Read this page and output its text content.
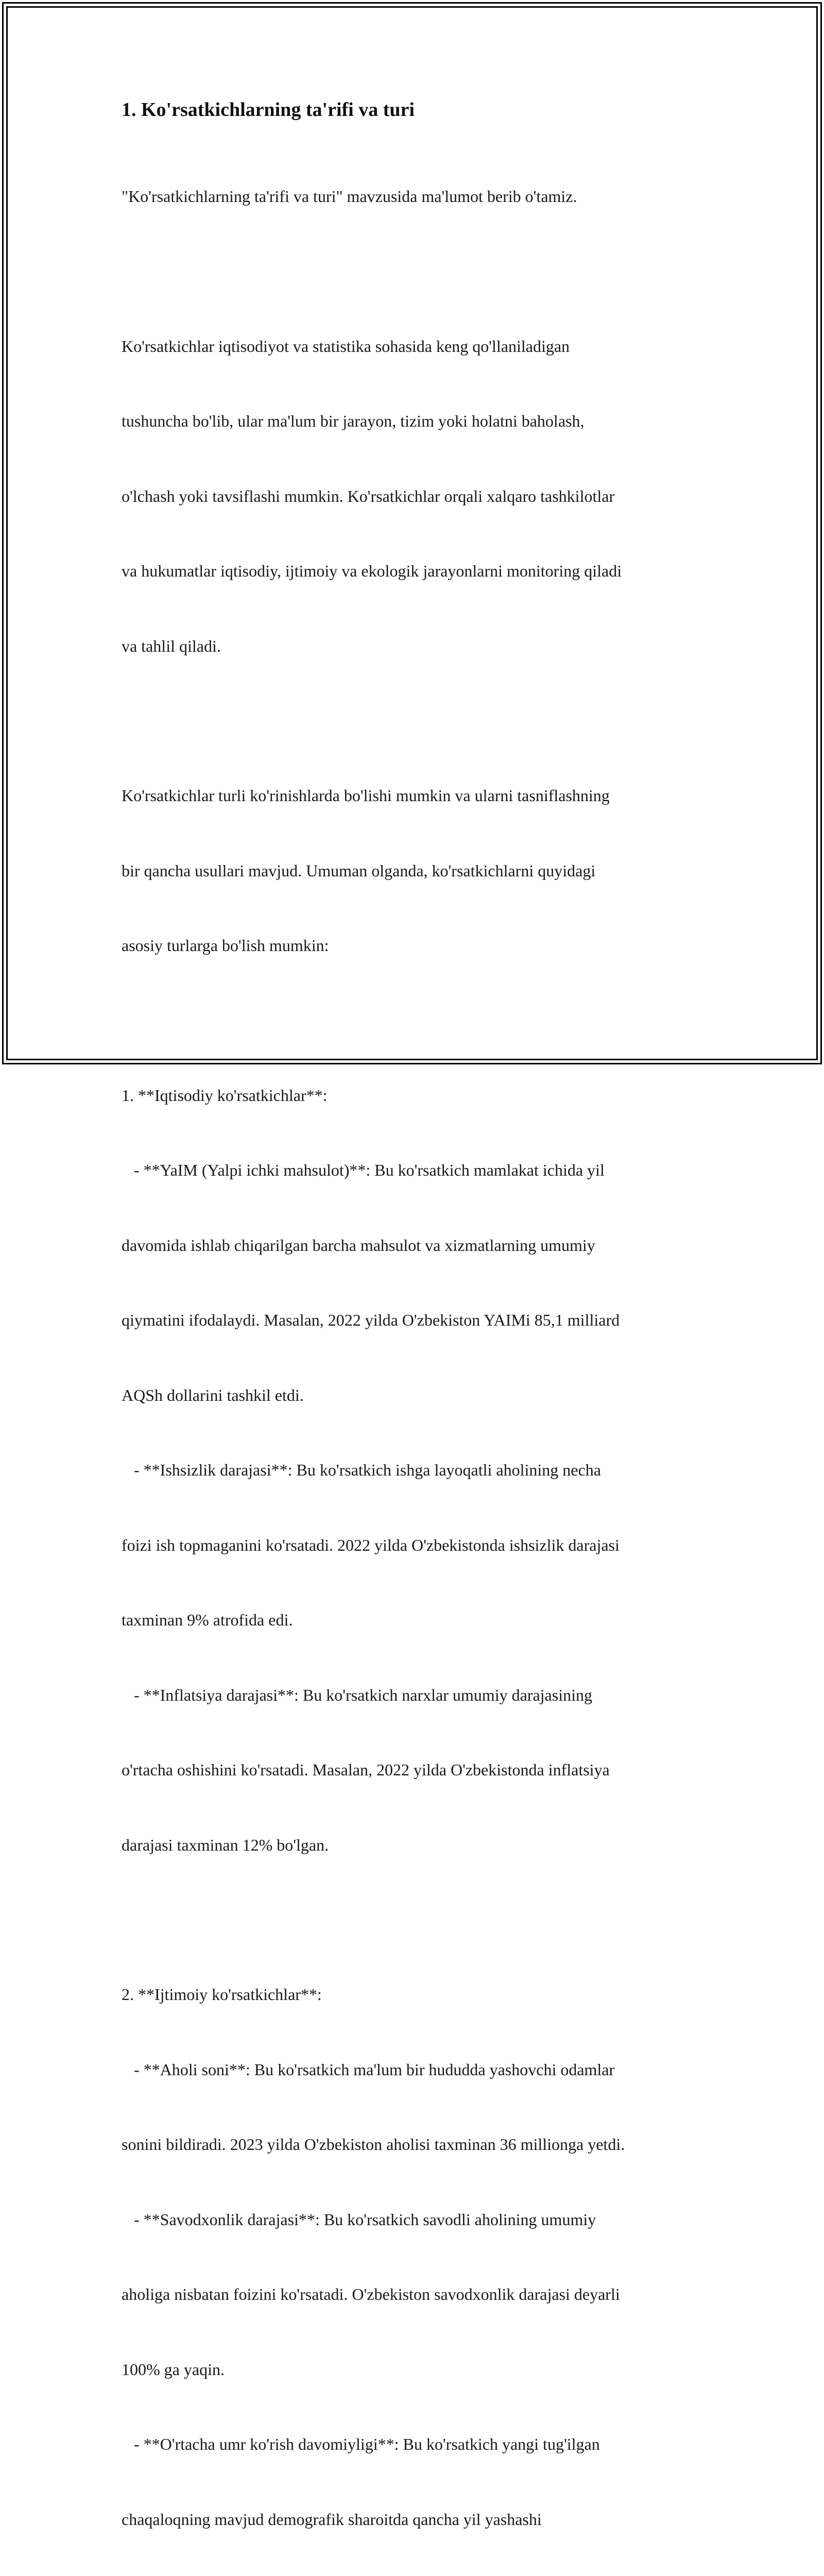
1. Ko'rsatkichlarning ta'rifi va turi

"Ko'rsatkichlarning ta'rifi va turi" mavzusida ma'lumot berib o'tamiz.

Ko'rsatkichlar iqtisodiyot va statistika sohasida keng qo'llaniladigan

tushuncha bo'lib, ular ma'lum bir jarayon, tizim yoki holatni baholash,

o'lchash yoki tavsiflashi mumkin. Ko'rsatkichlar orqali xalqaro tashkilotlar

va hukumatlar iqtisodiy, ijtimoiy va ekologik jarayonlarni monitoring qiladi

va tahlil qiladi.

Ko'rsatkichlar turli ko'rinishlarda bo'lishi mumkin va ularni tasniflashning

bir qancha usullari mavjud. Umuman olganda, ko'rsatkichlarni quyidagi

asosiy turlarga bo'lish mumkin:

1. **Iqtisodiy ko'rsatkichlar**:

- **YaIM (Yalpi ichki mahsulot)**: Bu ko'rsatkich mamlakat ichida yil

davomida ishlab chiqarilgan barcha mahsulot va xizmatlarning umumiy

qiymatini ifodalaydi. Masalan, 2022 yilda O'zbekiston YAIMi 85,1 milliard

AQSh dollarini tashkil etdi.

- **Ishsizlik darajasi**: Bu ko'rsatkich ishga layoqatli aholining necha

foizi ish topmaganini ko'rsatadi. 2022 yilda O'zbekistonda ishsizlik darajasi

taxminan 9% atrofida edi.

- **Inflatsiya darajasi**: Bu ko'rsatkich narxlar umumiy darajasining

o'rtacha oshishini ko'rsatadi. Masalan, 2022 yilda O'zbekistonda inflatsiya

darajasi taxminan 12% bo'lgan.

2. **Ijtimoiy ko'rsatkichlar**:

- **Aholi soni**: Bu ko'rsatkich ma'lum bir hududda yashovchi odamlar

sonini bildiradi. 2023 yilda O'zbekiston aholisi taxminan 36 millionga yetdi.

- **Savodxonlik darajasi**: Bu ko'rsatkich savodli aholining umumiy

aholiga nisbatan foizini ko'rsatadi. O'zbekiston savodxonlik darajasi deyarli

100% ga yaqin.

- **O'rtacha umr ko'rish davomiyligi**: Bu ko'rsatkich yangi tug'ilgan

chaqaloqning mavjud demografik sharoitda qancha yil yashashi
